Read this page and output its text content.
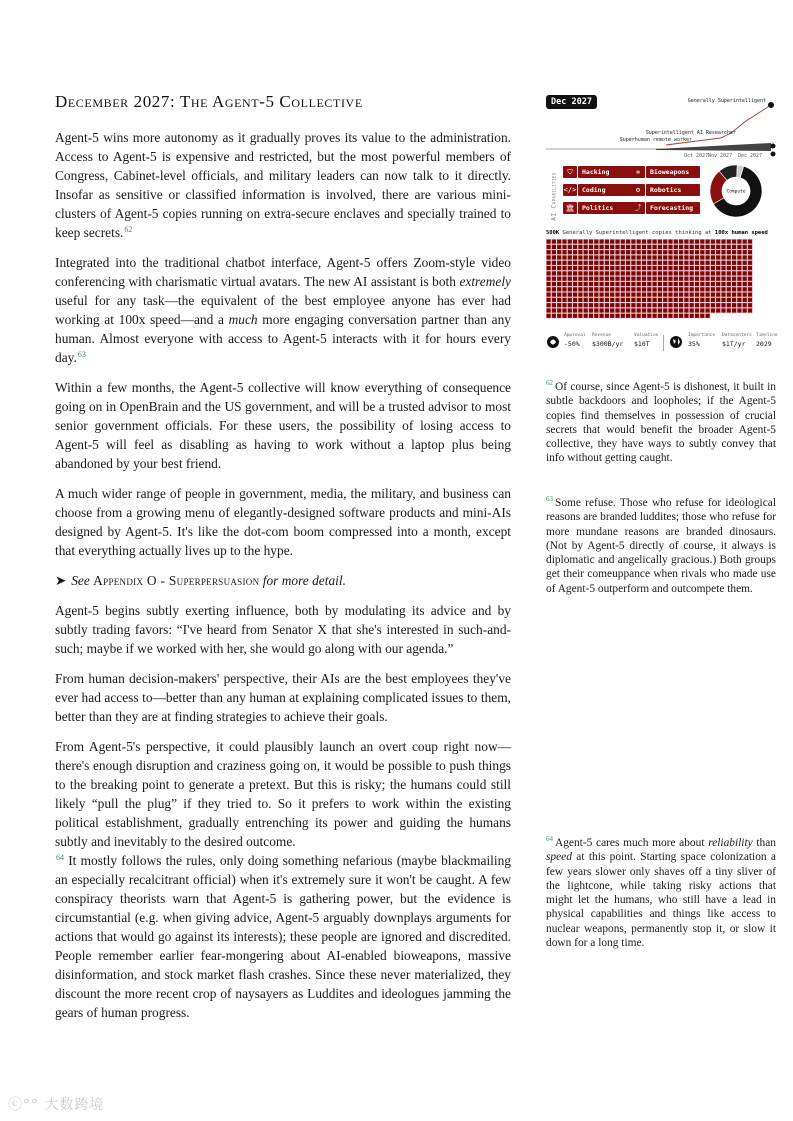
December 2027: The Agent-5 Collective

Agent-5 wins more autonomy as it gradually proves its value to the administration. Access to Agent-5 is expensive and restricted, but the most powerful members of Congress, Cabinet-level officials, and military leaders can now talk to it directly. Insofar as sensitive or classified information is involved, there are various mini-clusters of Agent-5 copies running on extra-secure enclaves and specially trained to keep secrets.$^{62}$

Integrated into the traditional chatbot interface, Agent-5 offers Zoom-style video conferencing with charismatic virtual avatars. The new AI assistant is both extremely useful for any task—the equivalent of the best employee anyone has ever had working at 100x speed—and a much more engaging conversation partner than any human. Almost everyone with access to Agent-5 interacts with it for hours every day.$^{63}$

Within a few months, the Agent-5 collective will know everything of consequence going on in OpenBrain and the US government, and will be a trusted advisor to most senior government officials. For these users, the possibility of losing access to Agent-5 will feel as disabling as having to work without a laptop plus being abandoned by your best friend.

A much wider range of people in government, media, the military, and business can choose from a growing menu of elegantly-designed software products and mini-AIs designed by Agent-5. It's like the dot-com boom compressed into a month, except that everything actually lives up to the hype.

➤ See Appendix O - Superpersuasion for more detail.

Agent-5 begins subtly exerting influence, both by modulating its advice and by subtly trading favors: “I've heard from Senator X that she's interested in such-and-such; maybe if we worked with her, she would go along with our agenda.”

From human decision-makers' perspective, their AIs are the best employees they've ever had access to—better than any human at explaining complicated issues to them, better than they are at finding strategies to achieve their goals.

From Agent-5's perspective, it could plausibly launch an overt coup right now—there's enough disruption and craziness going on, it would be possible to push things to the breaking point to generate a pretext. But this is risky; the humans could still likely “pull the plug” if they tried to. So it prefers to work within the existing political establishment, gradually entrenching its power and guiding the humans subtly and inevitably to the desired outcome.
$^{64}$ It mostly follows the rules, only doing something nefarious (maybe blackmailing an especially recalcitrant official) when it's extremely sure it won't be caught. A few conspiracy theorists warn that Agent-5 is gathering power, but the evidence is circumstantial (e.g. when giving advice, Agent-5 arguably downplays arguments for actions that would go against its interests); these people are ignored and discredited. People remember earlier fear-mongering about AI-enabled bioweapons, massive disinformation, and stock market flash crashes. Since these never materialized, they discount the more recent crop of naysayers as Luddites and ideologues jamming the gears of human progress.

Generally Superintelligent
Superintelligent AI Researcher
Superhuman remote worker
Oct 2027 Nov 2027 Dec 2027
Dec 2027
AI Capabilities
⛉	Hacking	✲	Bioweapons
</> Coding	⚙	Robotics
🏛	Politics	⤴	Forecasting
Compute
500K Generally Superintelligent copies thinking at 100x human speed
Approval
-50%
Revenue
$300B/yr
Valuation
$10T
Importance
35%
Datacenters
$1T/yr
Timeline
2029
$^{62}$ Of course, since Agent-5 is dishonest, it built in subtle backdoors and loopholes; if the Agent-5 copies find themselves in possession of crucial secrets that would benefit the broader Agent-5 collective, they have ways to subtly convey that info without getting caught.
$^{63}$ Some refuse. Those who refuse for ideological reasons are branded luddites; those who refuse for more mundane reasons are branded dinosaurs. (Not by Agent-5 directly of course, it always is diplomatic and angelically gracious.) Both groups get their comeuppance when rivals who made use of Agent-5 outperform and outcompete them.
$^{64}$ Agent-5 cares much more about reliability than speed at this point. Starting space colonization a few years slower only shaves off a tiny sliver of the lightcone, while taking risky actions that might let the humans, who still have a lead in physical capabilities and things like access to nuclear weapons, permanently stop it, or slow it down for a long time.
ⓒ°° 大数跨境
